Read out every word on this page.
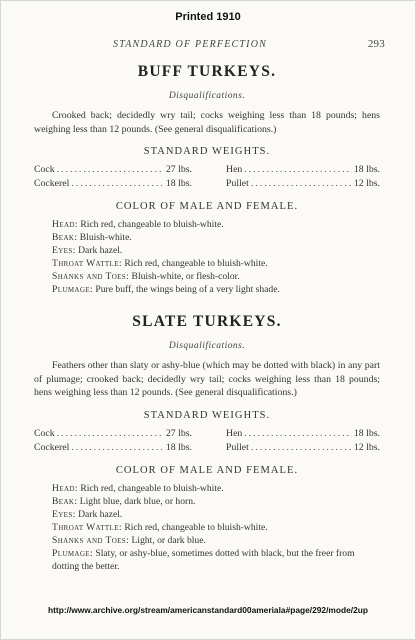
Printed 1910
STANDARD OF PERFECTION	293
BUFF TURKEYS.

Disqualifications.

Crooked back; decidedly wry tail; cocks weighing less than 18 pounds; hens weighing less than 12 pounds. (See general disqualifications.)

STANDARD WEIGHTS.

Cock .....	27 lbs.	Hen .....	18 lbs.
Cockerel .....	18 lbs.	Pullet .....	12 lbs.

COLOR OF MALE AND FEMALE.

Head: Rich red, changeable to bluish-white.
Beak: Bluish-white.
Eyes: Dark hazel.
Throat Wattle: Rich red, changeable to bluish-white.
Shanks and Toes: Bluish-white, or flesh-color.
Plumage: Pure buff, the wings being of a very light shade.
SLATE TURKEYS.

Disqualifications.

Feathers other than slaty or ashy-blue (which may be dotted with black) in any part of plumage; crooked back; decidedly wry tail; cocks weighing less than 18 pounds; hens weighing less than 12 pounds. (See general disqualifications.)

STANDARD WEIGHTS.

Cock .....	27 lbs.	Hen .....	18 lbs.
Cockerel .....	18 lbs.	Pullet .....	12 lbs.

COLOR OF MALE AND FEMALE.

Head: Rich red, changeable to bluish-white.
Beak: Light blue, dark blue, or horn.
Eyes: Dark hazel.
Throat Wattle: Rich red, changeable to bluish-white.
Shanks and Toes: Light, or dark blue.
Plumage: Slaty, or ashy-blue, sometimes dotted with black, but the freer from dotting the better.
http://www.archive.org/stream/americanstandard00ameriala#page/292/mode/2up
